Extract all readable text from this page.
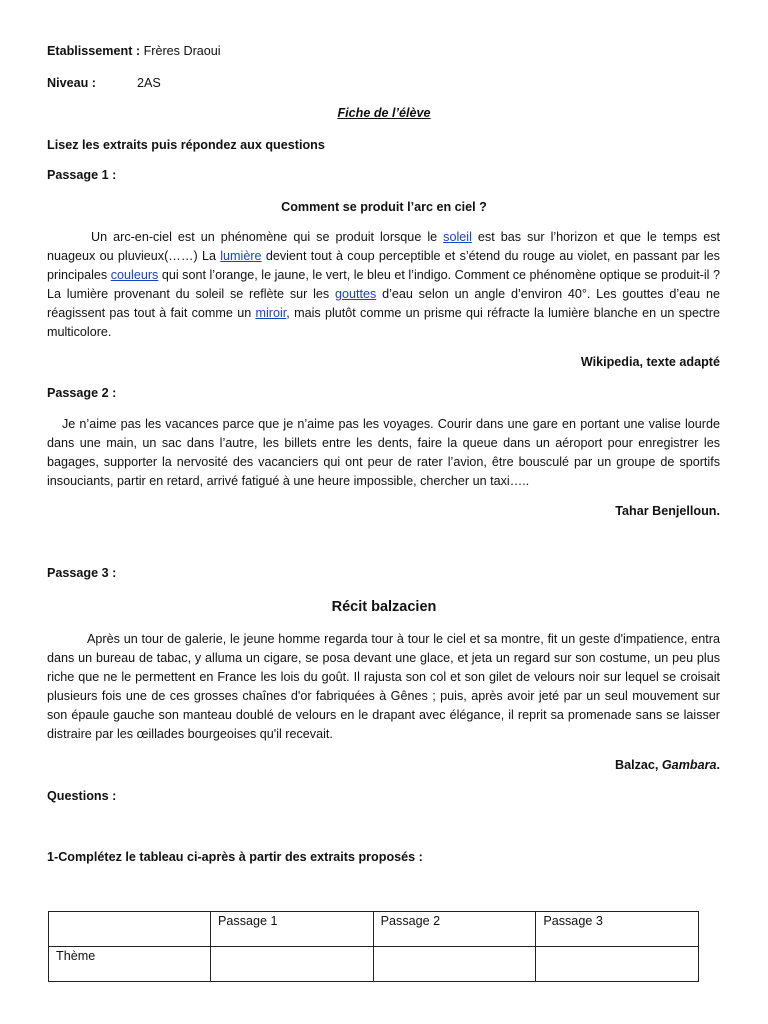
Etablissement : Frères Draoui
Niveau :	2AS
Fiche de l’élève
Lisez les extraits puis répondez aux questions
Passage 1 :
Comment se produit l’arc en ciel ?
Un arc-en-ciel est un phénomène qui se produit lorsque le soleil est bas sur l’horizon et que le temps est nuageux ou pluvieux(……) La lumière devient tout à coup perceptible et s’étend du rouge au violet, en passant par les principales couleurs qui sont l’orange, le jaune, le vert, le bleu et l’indigo. Comment ce phénomène optique se produit-il ? La lumière provenant du soleil se reflète sur les gouttes d’eau selon un angle d’environ 40°. Les gouttes d’eau ne réagissent pas tout à fait comme un miroir, mais plutôt comme un prisme qui réfracte la lumière blanche en un spectre multicolore.
Wikipedia, texte adapté
Passage 2 :
Je n’aime pas les vacances parce que je n’aime pas les voyages. Courir dans une gare en portant une valise lourde dans une main, un sac dans l’autre, les billets entre les dents, faire la queue dans un aéroport pour enregistrer les bagages, supporter la nervosité des vacanciers qui ont peur de rater l’avion, être bousculé par un groupe de sportifs insouciants, partir en retard, arrivé fatigué à une heure impossible, chercher un taxi…..
Tahar Benjelloun.
Passage 3 :
Récit balzacien
Après un tour de galerie, le jeune homme regarda tour à tour le ciel et sa montre, fit un geste d'impatience, entra dans un bureau de tabac, y alluma un cigare, se posa devant une glace, et jeta un regard sur son costume, un peu plus riche que ne le permettent en France les lois du goût. Il rajusta son col et son gilet de velours noir sur lequel se croisait plusieurs fois une de ces grosses chaînes d'or fabriquées à Gênes ; puis, après avoir jeté par un seul mouvement sur son épaule gauche son manteau doublé de velours en le drapant avec élégance, il reprit sa promenade sans se laisser distraire par les œillades bourgeoises qu'il recevait.
Balzac, Gambara.
Questions :
1-Complétez le tableau ci-après à partir des extraits proposés :
	Passage 1	Passage 2	Passage 3
Thème			
